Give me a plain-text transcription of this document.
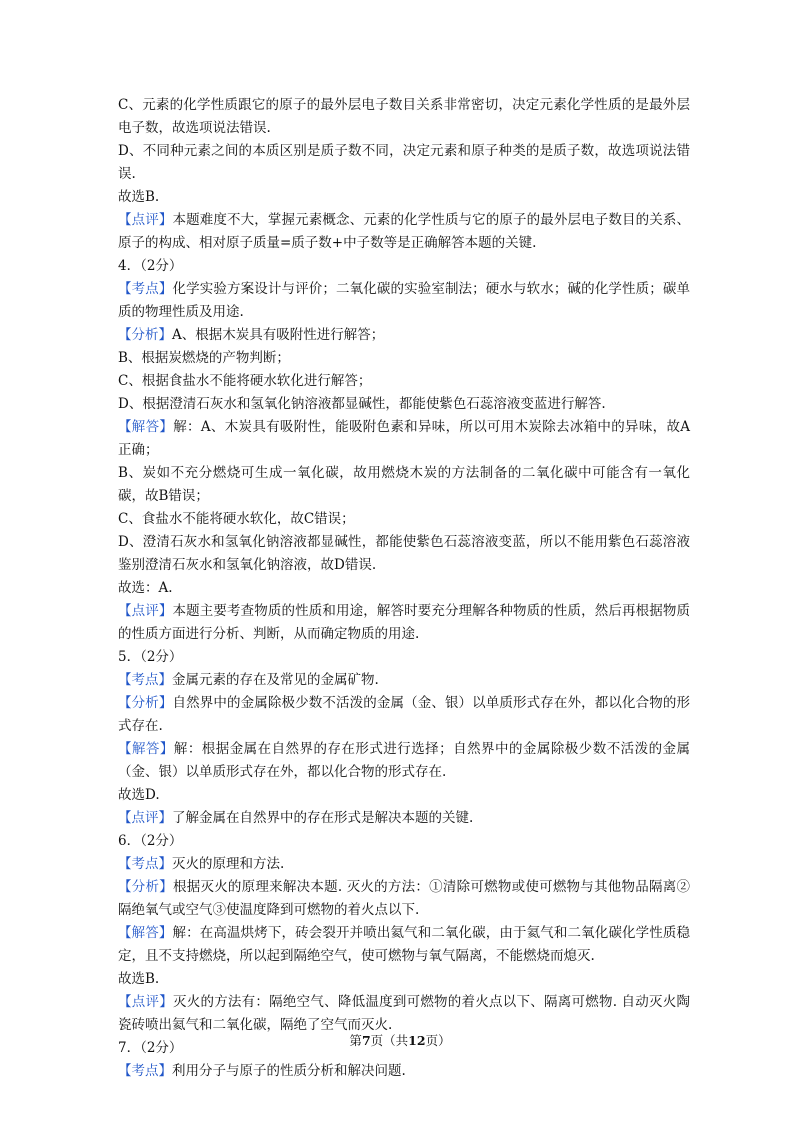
C、元素的化学性质跟它的原子的最外层电子数目关系非常密切，决定元素化学性质的是最外层电子数，故选项说法错误.
D、不同种元素之间的本质区别是质子数不同，决定元素和原子种类的是质子数，故选项说法错误.
故选B.
【点评】本题难度不大，掌握元素概念、元素的化学性质与它的原子的最外层电子数目的关系、原子的构成、相对原子质量=质子数+中子数等是正确解答本题的关键.
4．（2分）
【考点】化学实验方案设计与评价；二氧化碳的实验室制法；硬水与软水；碱的化学性质；碳单质的物理性质及用途.
【分析】A、根据木炭具有吸附性进行解答；
B、根据炭燃烧的产物判断；
C、根据食盐水不能将硬水软化进行解答；
D、根据澄清石灰水和氢氧化钠溶液都显碱性，都能使紫色石蕊溶液变蓝进行解答.
【解答】解：A、木炭具有吸附性，能吸附色素和异味，所以可用木炭除去冰箱中的异味，故A正确；
B、炭如不充分燃烧可生成一氧化碳，故用燃烧木炭的方法制备的二氧化碳中可能含有一氧化碳，故B错误；
C、食盐水不能将硬水软化，故C错误；
D、澄清石灰水和氢氧化钠溶液都显碱性，都能使紫色石蕊溶液变蓝，所以不能用紫色石蕊溶液鉴别澄清石灰水和氢氧化钠溶液，故D错误.
故选：A.
【点评】本题主要考查物质的性质和用途，解答时要充分理解各种物质的性质，然后再根据物质的性质方面进行分析、判断，从而确定物质的用途.
5．（2分）
【考点】金属元素的存在及常见的金属矿物.
【分析】自然界中的金属除极少数不活泼的金属（金、银）以单质形式存在外，都以化合物的形式存在.
【解答】解：根据金属在自然界的存在形式进行选择；自然界中的金属除极少数不活泼的金属（金、银）以单质形式存在外，都以化合物的形式存在.
故选D.
【点评】了解金属在自然界中的存在形式是解决本题的关键.
6．（2分）
【考点】灭火的原理和方法.
【分析】根据灭火的原理来解决本题. 灭火的方法：①清除可燃物或使可燃物与其他物品隔离②隔绝氧气或空气③使温度降到可燃物的着火点以下.
【解答】解：在高温烘烤下，砖会裂开并喷出氦气和二氧化碳，由于氦气和二氧化碳化学性质稳定，且不支持燃烧，所以起到隔绝空气，使可燃物与氧气隔离，不能燃烧而熄灭.
故选B.
【点评】灭火的方法有：隔绝空气、降低温度到可燃物的着火点以下、隔离可燃物. 自动灭火陶瓷砖喷出氦气和二氧化碳，隔绝了空气而灭火.
7．（2分）
【考点】利用分子与原子的性质分析和解决问题.
第7页（共12页）
